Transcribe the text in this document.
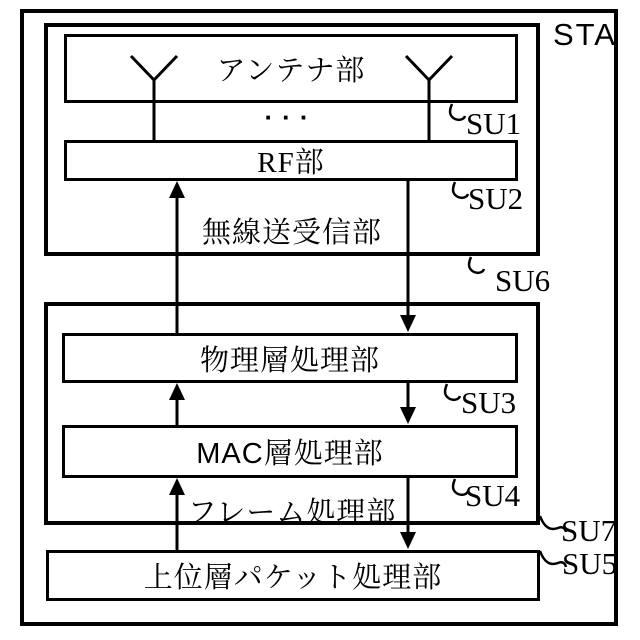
アンテナ部
···
RF部
無線送受信部
物理層処理部
MAC層処理部
フレーム処理部
上位層パケット処理部
STA
SU1
SU2
SU6
SU3
SU4
SU7
SU5
